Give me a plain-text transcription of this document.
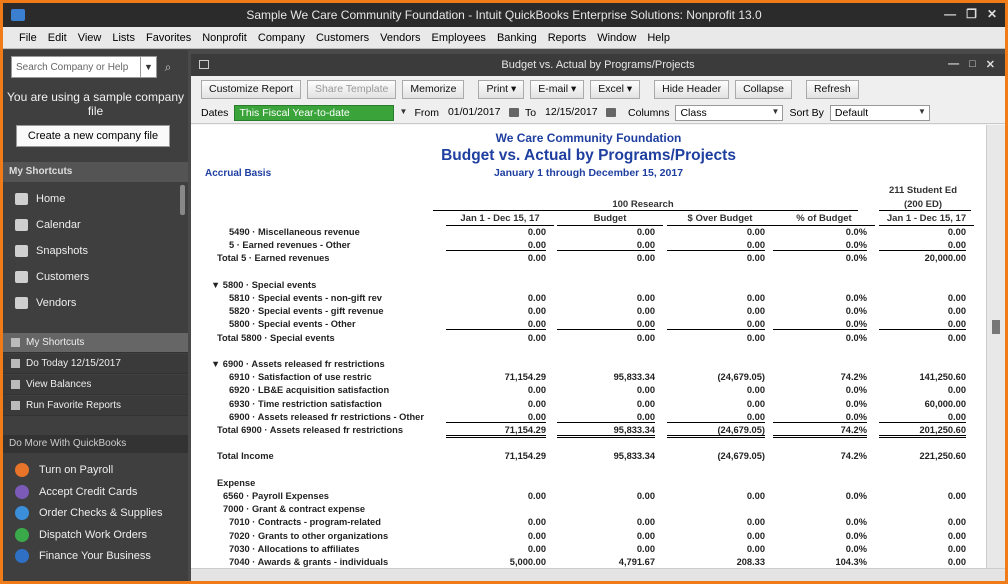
Sample We Care Community Foundation - Intuit QuickBooks Enterprise Solutions: Nonprofit 13.0	— ❐ ✕
File Edit View Lists Favorites Nonprofit Company Customers Vendors Employees Banking Reports Window Help
Search Company or Help	▼ ⌕
You are using a sample company file
Create a new company file
My Shortcuts
Home
Calendar
Snapshots
Customers
Vendors
My Shortcuts
Do Today 12/15/2017
View Balances
Run Favorite Reports
Do More With QuickBooks
Turn on Payroll
Accept Credit Cards
Order Checks & Supplies
Dispatch Work Orders
Finance Your Business
Budget vs. Actual by Programs/Projects	— □ ✕
Customize Report	Share Template	Memorize	Print ▾	E-mail ▾	Excel ▾	Hide Header	Collapse	Refresh
Dates	This Fiscal Year-to-date	▼ From 01/01/2017 To 12/15/2017	Columns	Class	▼ Sort By	Default	▼
We Care Community Foundation
Budget vs. Actual by Programs/Projects
January 1 through December 15, 2017
Accrual Basis
100 Research
211 Student Ed
(200 ED)
Jan 1 - Dec 15, 17	Budget	$ Over Budget	% of Budget	Jan 1 - Dec 15, 17
5490 · Miscellaneous revenue	0.00	0.00	0.00	0.0%	0.00
5 · Earned revenues - Other	0.00	0.00	0.00	0.0%	0.00
Total 5 · Earned revenues	0.00	0.00	0.00	0.0%	20,000.00
▼ 5800 · Special events
5810 · Special events - non-gift rev	0.00	0.00	0.00	0.0%	0.00
5820 · Special events - gift revenue	0.00	0.00	0.00	0.0%	0.00
5800 · Special events - Other	0.00	0.00	0.00	0.0%	0.00
Total 5800 · Special events	0.00	0.00	0.00	0.0%	0.00
▼ 6900 · Assets released fr restrictions
6910 · Satisfaction of use restric	71,154.29	95,833.34	(24,679.05)	74.2%	141,250.60
6920 · LB&E acquisition satisfaction	0.00	0.00	0.00	0.0%	0.00
6930 · Time restriction satisfaction	0.00	0.00	0.00	0.0%	60,000.00
6900 · Assets released fr restrictions - Other	0.00	0.00	0.00	0.0%	0.00
Total 6900 · Assets released fr restrictions	71,154.29	95,833.34	(24,679.05)	74.2%	201,250.60
Total Income	71,154.29	95,833.34	(24,679.05)	74.2%	221,250.60
Expense
6560 · Payroll Expenses	0.00	0.00	0.00	0.0%	0.00
7000 · Grant & contract expense
7010 · Contracts - program-related	0.00	0.00	0.00	0.0%	0.00
7020 · Grants to other organizations	0.00	0.00	0.00	0.0%	0.00
7030 · Allocations to affiliates	0.00	0.00	0.00	0.0%	0.00
7040 · Awards & grants - individuals	5,000.00	4,791.67	208.33	104.3%	0.00
